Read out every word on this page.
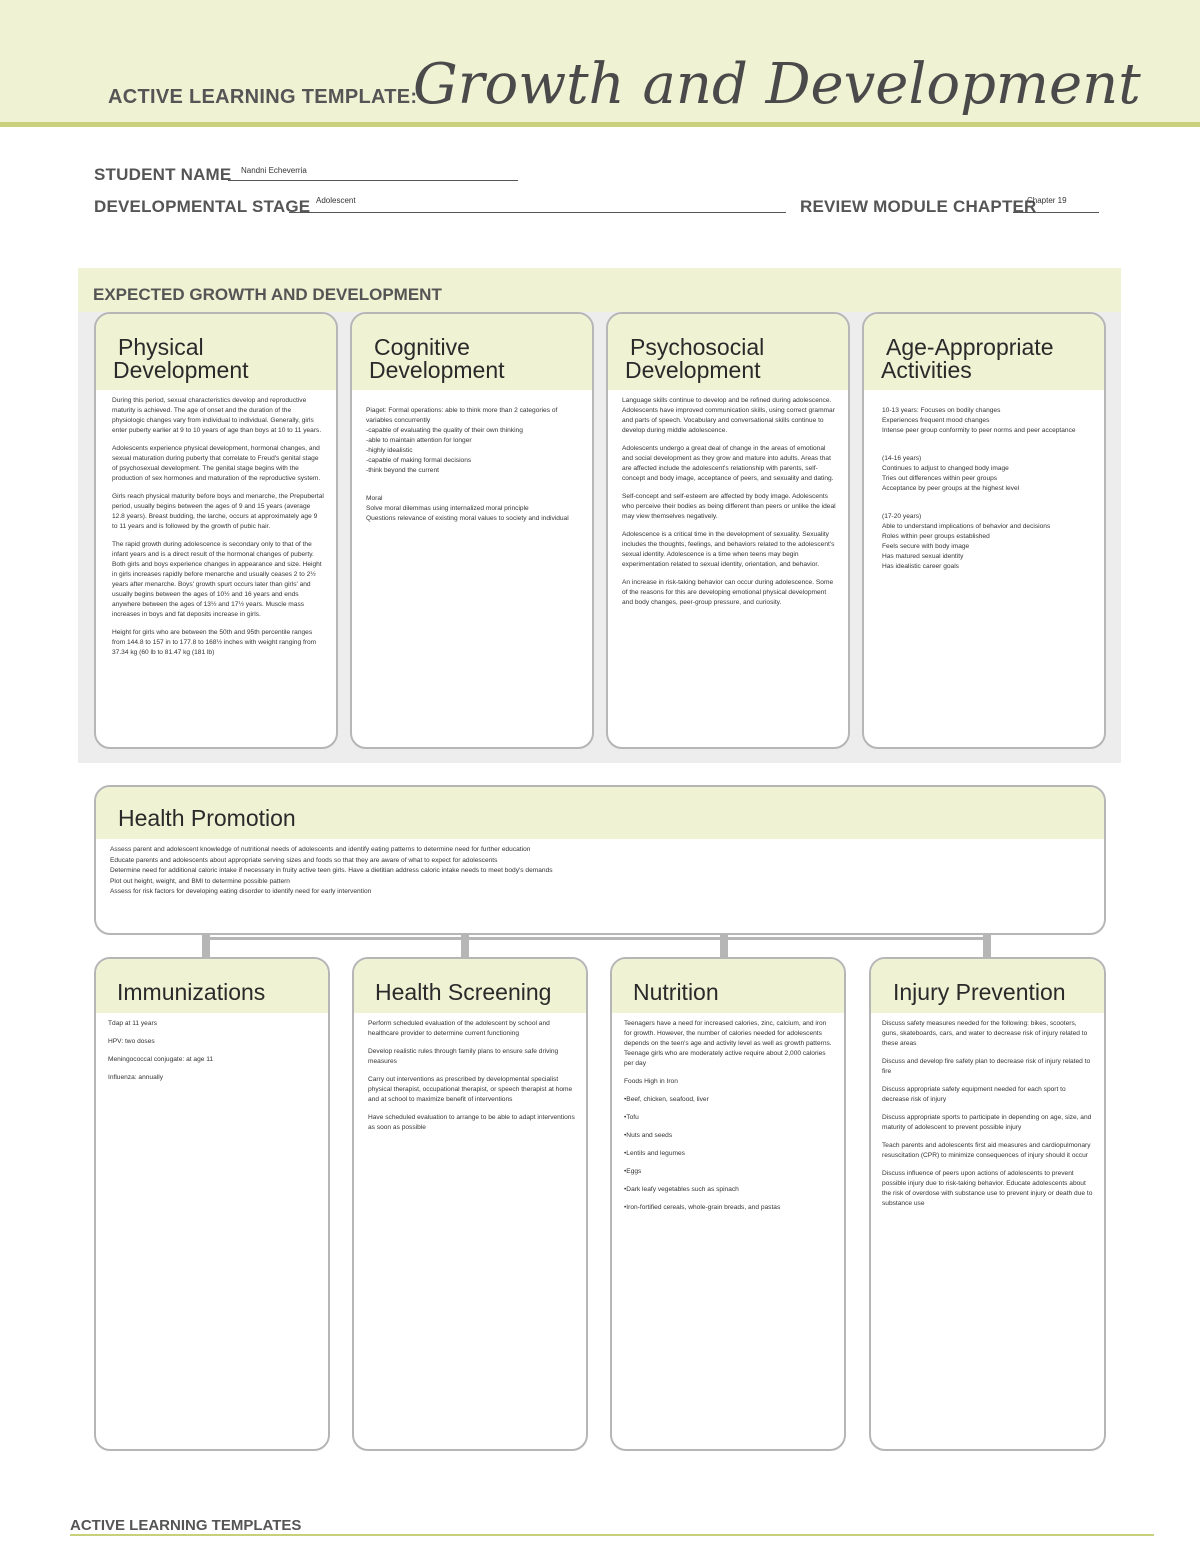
ACTIVE LEARNING TEMPLATE:
Growth and Development
STUDENT NAME Nandni Echeverria
DEVELOPMENTAL STAGE Adolescent	REVIEW MODULE CHAPTER
Chapter 19
EXPECTED GROWTH AND DEVELOPMENT
Physical
Development

During this period, sexual characteristics develop and reproductive maturity is achieved. The age of onset and the duration of the physiologic changes vary from individual to individual. Generally, girls enter puberty earlier at 9 to 10 years of age than boys at 10 to 11 years.

Adolescents experience physical development, hormonal changes, and sexual maturation during puberty that correlate to Freud's genital stage of psychosexual development. The genital stage begins with the production of sex hormones and maturation of the reproductive system.

Girls reach physical maturity before boys and menarche, the Prepubertal period, usually begins between the ages of 9 and 15 years (average 12.8 years). Breast budding, the larche, occurs at approximately age 9 to 11 years and is followed by the growth of pubic hair.

The rapid growth during adolescence is secondary only to that of the infant years and is a direct result of the hormonal changes of puberty. Both girls and boys experience changes in appearance and size. Height in girls increases rapidly before menarche and usually ceases 2 to 2½ years after menarche. Boys' growth spurt occurs later than girls' and usually begins between the ages of 10½ and 16 years and ends anywhere between the ages of 13½ and 17½ years. Muscle mass increases in boys and fat deposits increase in girls.

Height for girls who are between the 50th and 95th percentile ranges from 144.8 to 157 in to 177.8 to 168½ inches with weight ranging from 37.34 kg (60 lb to 81.47 kg (181 lb)

Cognitive
Development

Piaget: Formal operations: able to think more than 2 categories of variables concurrently
-capable of evaluating the quality of their own thinking
-able to maintain attention for longer
-highly idealistic
-capable of making formal decisions
-think beyond the current

Moral
Solve moral dilemmas using internalized moral principle
Questions relevance of existing moral values to society and individual

Psychosocial
Development

Language skills continue to develop and be refined during adolescence. Adolescents have improved communication skills, using correct grammar and parts of speech. Vocabulary and conversational skills continue to develop during middle adolescence.

Adolescents undergo a great deal of change in the areas of emotional and social development as they grow and mature into adults. Areas that are affected include the adolescent's relationship with parents, self-concept and body image, acceptance of peers, and sexuality and dating.

Self-concept and self-esteem are affected by body image. Adolescents who perceive their bodies as being different than peers or unlike the ideal may view themselves negatively.

Adolescence is a critical time in the development of sexuality. Sexuality includes the thoughts, feelings, and behaviors related to the adolescent's sexual identity. Adolescence is a time when teens may begin experimentation related to sexual identity, orientation, and behavior.

An increase in risk-taking behavior can occur during adolescence. Some of the reasons for this are developing emotional physical development and body changes, peer-group pressure, and curiosity.

Age-Appropriate
Activities

10-13 years: Focuses on bodily changes
Experiences frequent mood changes
Intense peer group conformity to peer norms and peer acceptance

(14-16 years)
Continues to adjust to changed body image
Tries out differences within peer groups
Acceptance by peer groups at the highest level

(17-20 years)
Able to understand implications of behavior and decisions
Roles within peer groups established
Feels secure with body image
Has matured sexual identity
Has idealistic career goals

Health Promotion
Assess parent and adolescent knowledge of nutritional needs of adolescents and identify eating patterns to determine need for further education
Educate parents and adolescents about appropriate serving sizes and foods so that they are aware of what to expect for adolescents
Determine need for additional caloric intake if necessary in fruity active teen girls. Have a dietitian address caloric intake needs to meet body's demands
Plot out height, weight, and BMI to determine possible pattern
Assess for risk factors for developing eating disorder to identify need for early intervention
Immunizations

Tdap at 11 years

HPV: two doses

Meningococcal conjugate: at age 11

Influenza: annually

Health Screening

Perform scheduled evaluation of the adolescent by school and healthcare provider to determine current functioning

Develop realistic rules through family plans to ensure safe driving measures

Carry out interventions as prescribed by developmental specialist physical therapist, occupational therapist, or speech therapist at home and at school to maximize benefit of interventions

Have scheduled evaluation to arrange to be able to adapt interventions as soon as possible

Nutrition

Teenagers have a need for increased calories, zinc, calcium, and iron for growth. However, the number of calories needed for adolescents depends on the teen's age and activity level as well as growth patterns. Teenage girls who are moderately active require about 2,000 calories per day

Foods High in Iron

•Beef, chicken, seafood, liver

•Tofu

•Nuts and seeds

•Lentils and legumes

•Eggs

•Dark leafy vegetables such as spinach

•Iron-fortified cereals, whole-grain breads, and pastas

Injury Prevention

Discuss safety measures needed for the following: bikes, scooters, guns, skateboards, cars, and water to decrease risk of injury related to these areas

Discuss and develop fire safety plan to decrease risk of injury related to fire

Discuss appropriate safety equipment needed for each sport to decrease risk of injury

Discuss appropriate sports to participate in depending on age, size, and maturity of adolescent to prevent possible injury

Teach parents and adolescents first aid measures and cardiopulmonary resuscitation (CPR) to minimize consequences of injury should it occur

Discuss influence of peers upon actions of adolescents to prevent possible injury due to risk-taking behavior. Educate adolescents about the risk of overdose with substance use to prevent injury or death due to substance use

ACTIVE LEARNING TEMPLATES
